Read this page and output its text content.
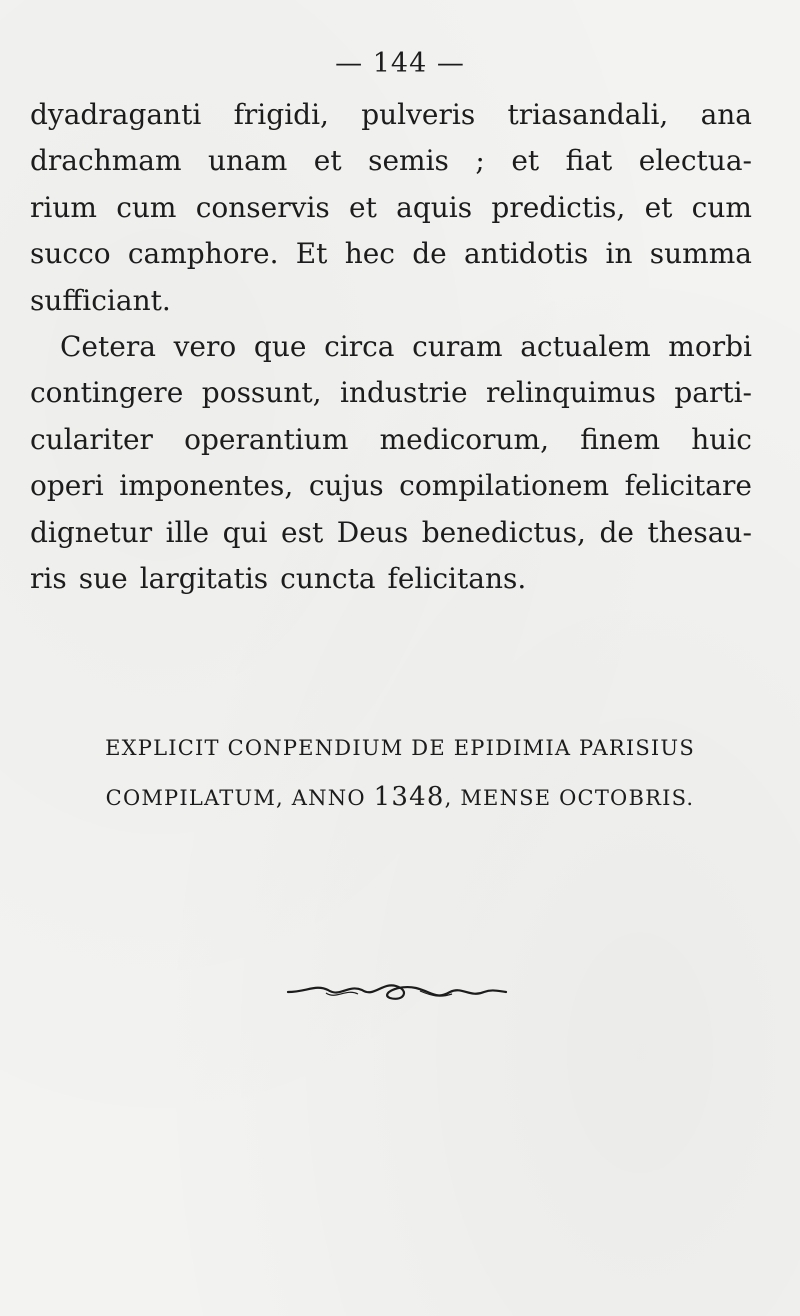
— 144 —
dyadraganti frigidi, pulveris triasandali, ana
drachmam unam et semis ; et fiat electua-
rium cum conservis et aquis predictis, et cum
succo camphore. Et hec de antidotis in summa
sufficiant.
Cetera vero que circa curam actualem morbi
contingere possunt, industrie relinquimus parti-
culariter operantium medicorum, finem huic
operi imponentes, cujus compilationem felicitare
dignetur ille qui est Deus benedictus, de thesau-
ris sue largitatis cuncta felicitans.
EXPLICIT CONPENDIUM DE EPIDIMIA PARISIUS
COMPILATUM, ANNO 1348, MENSE OCTOBRIS.
